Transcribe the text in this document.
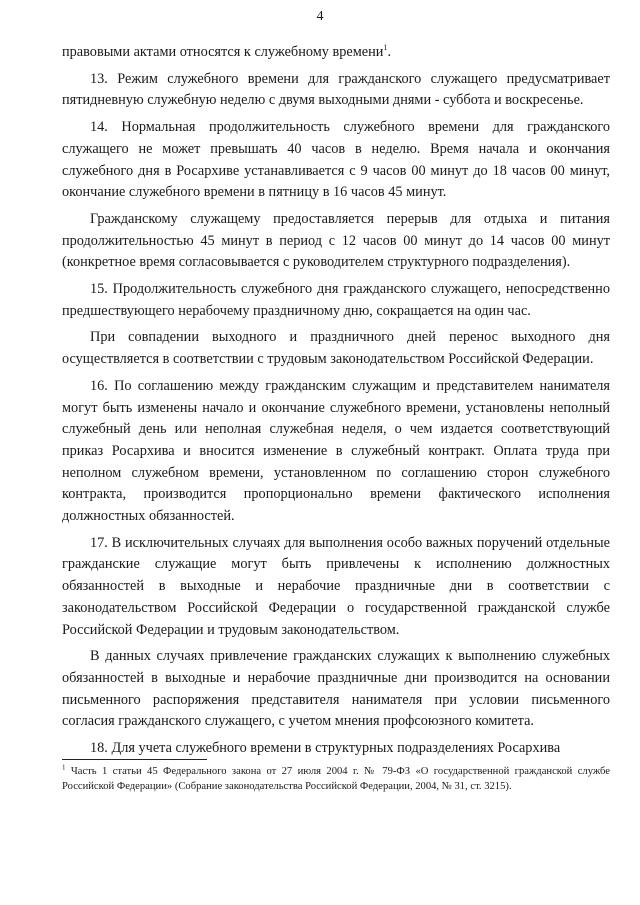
4

правовыми актами относятся к служебному времени$^1$.

13. Режим служебного времени для гражданского служащего предусматривает пятидневную служебную неделю с двумя выходными днями - суббота и воскресенье.

14. Нормальная продолжительность служебного времени для гражданского служащего не может превышать 40 часов в неделю. Время начала и окончания служебного дня в Росархиве устанавливается с 9 часов 00 минут до 18 часов 00 минут, окончание служебного времени в пятницу в 16 часов 45 минут.

Гражданскому служащему предоставляется перерыв для отдыха и питания продолжительностью 45 минут в период с 12 часов 00 минут до 14 часов 00 минут (конкретное время согласовывается с руководителем структурного подразделения).

15. Продолжительность служебного дня гражданского служащего, непосредственно предшествующего нерабочему праздничному дню, сокращается на один час.

При совпадении выходного и праздничного дней перенос выходного дня осуществляется в соответствии с трудовым законодательством Российской Федерации.

16. По соглашению между гражданским служащим и представителем нанимателя могут быть изменены начало и окончание служебного времени, установлены неполный служебный день или неполная служебная неделя, о чем издается соответствующий приказ Росархива и вносится изменение в служебный контракт. Оплата труда при неполном служебном времени, установленном по соглашению сторон служебного контракта, производится пропорционально времени фактического исполнения должностных обязанностей.

17. В исключительных случаях для выполнения особо важных поручений отдельные гражданские служащие могут быть привлечены к исполнению должностных обязанностей в выходные и нерабочие праздничные дни в соответствии с законодательством Российской Федерации о государственной гражданской службе Российской Федерации и трудовым законодательством.

В данных случаях привлечение гражданских служащих к выполнению служебных обязанностей в выходные и нерабочие праздничные дни производится на основании письменного распоряжения представителя нанимателя при условии письменного согласия гражданского служащего, с учетом мнения профсоюзного комитета.

18. Для учета служебного времени в структурных подразделениях Росархива

$^1$ Часть 1 статьи 45 Федерального закона от 27 июля 2004 г. № 79-ФЗ «О государственной гражданской службе Российской Федерации» (Собрание законодательства Российской Федерации, 2004, № 31, ст. 3215).
